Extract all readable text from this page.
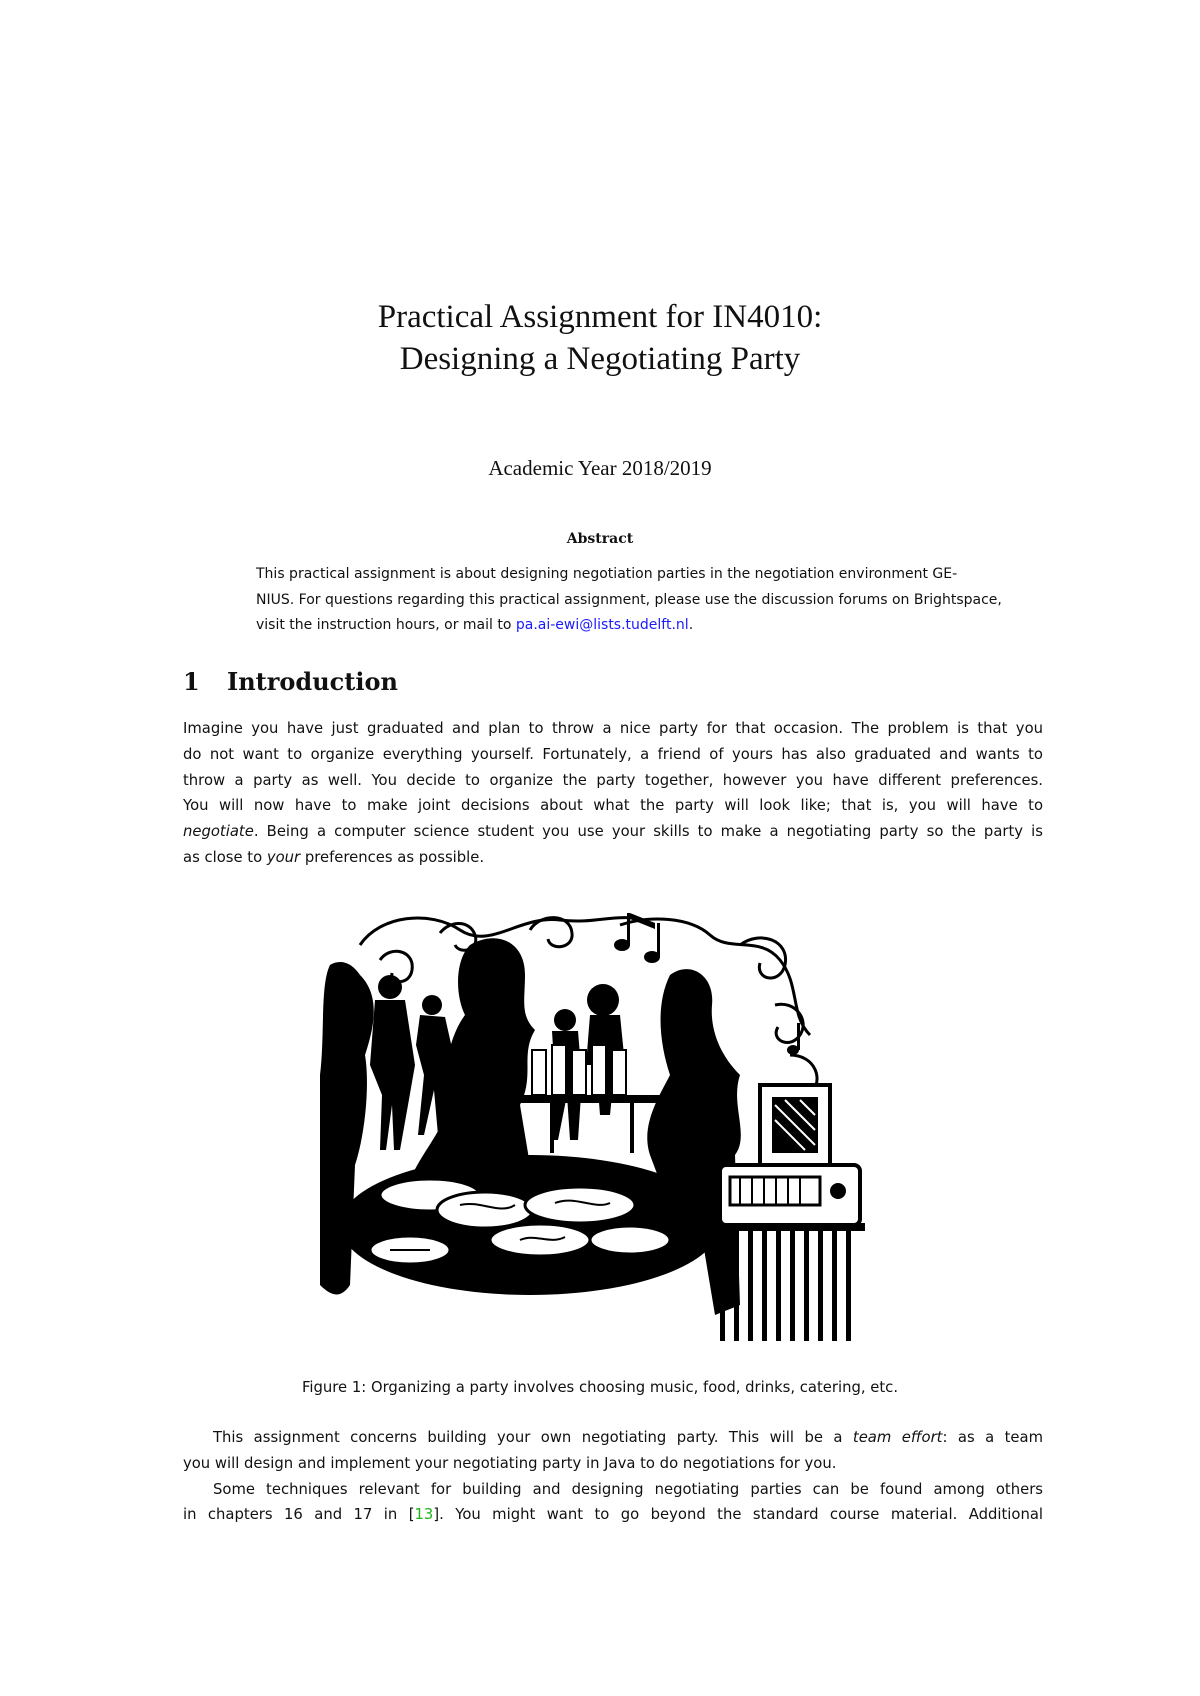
Practical Assignment for IN4010:
Designing a Negotiating Party
Academic Year 2018/2019
Abstract
This practical assignment is about designing negotiation parties in the negotiation environment GE-
NIUS. For questions regarding this practical assignment, please use the discussion forums on Brightspace,
visit the instruction hours, or mail to pa.ai-ewi@lists.tudelft.nl.
1 Introduction
Imagine you have just graduated and plan to throw a nice party for that occasion. The problem is that you
do not want to organize everything yourself. Fortunately, a friend of yours has also graduated and wants to
throw a party as well. You decide to organize the party together, however you have different preferences.
You will now have to make joint decisions about what the party will look like; that is, you will have to
negotiate. Being a computer science student you use your skills to make a negotiating party so the party is
as close to your preferences as possible.
Figure 1: Organizing a party involves choosing music, food, drinks, catering, etc.
This assignment concerns building your own negotiating party. This will be a team effort: as a team
you will design and implement your negotiating party in Java to do negotiations for you.
Some techniques relevant for building and designing negotiating parties can be found among others
in chapters 16 and 17 in [13]. You might want to go beyond the standard course material. Additional
